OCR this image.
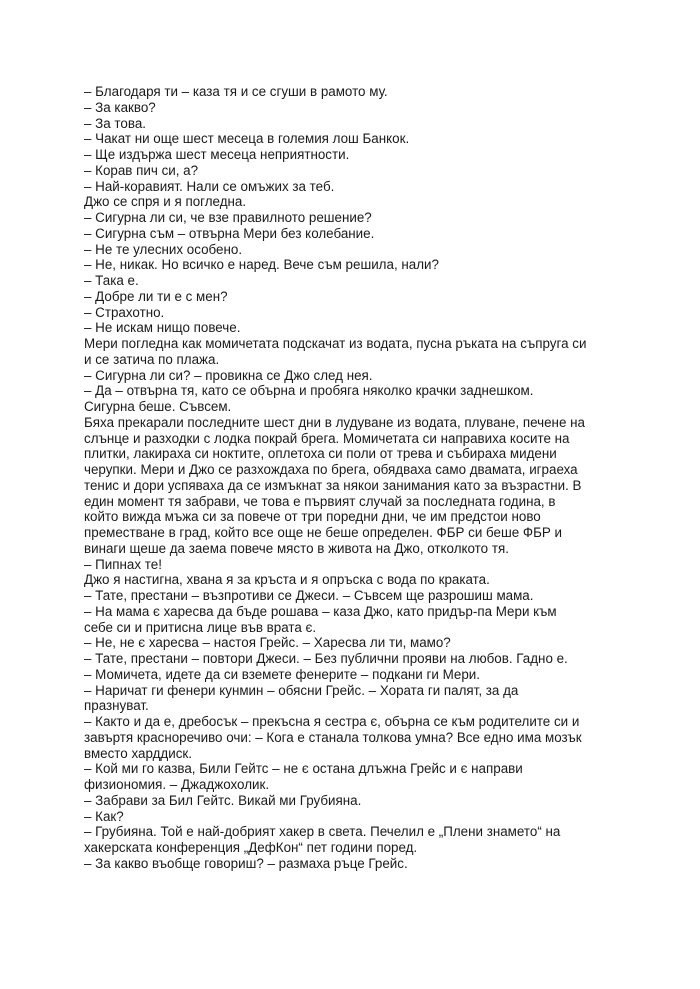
– Благодаря ти – каза тя и се сгуши в рамото му.
– За какво?
– За това.
– Чакат ни още шест месеца в големия лош Банкок.
– Ще издържа шест месеца неприятности.
– Корав пич си, а?
– Най-коравият. Нали се омъжих за теб.
Джо се спря и я погледна.
– Сигурна ли си, че взе правилното решение?
– Сигурна съм – отвърна Мери без колебание.
– Не те улесних особено.
– Не, никак. Но всичко е наред. Вече съм решила, нали?
– Така е.
– Добре ли ти е с мен?
– Страхотно.
– Не искам нищо повече.
Мери погледна как момичетата подскачат из водата, пусна ръката на съпруга си
и се затича по плажа.
– Сигурна ли си? – провикна се Джо след нея.
– Да – отвърна тя, като се обърна и пробяга няколко крачки заднешком.
Сигурна беше. Съвсем.
Бяха прекарали последните шест дни в лудуване из водата, плуване, печене на
слънце и разходки с лодка покрай брега. Момичетата си направиха косите на
плитки, лакираха си ноктите, оплетоха си поли от трева и събираха мидени
черупки. Мери и Джо се разхождаха по брега, обядваха само двамата, играеха
тенис и дори успяваха да се измъкнат за някои занимания като за възрастни. В
един момент тя забрави, че това е първият случай за последната година, в
който вижда мъжа си за повече от три поредни дни, че им предстои ново
преместване в град, който все още не беше определен. ФБР си беше ФБР и
винаги щеше да заема повече място в живота на Джо, отколкото тя.
– Пипнах те!
Джо я настигна, хвана я за кръста и я опръска с вода по краката.
– Тате, престани – възпротиви се Джеси. – Съвсем ще разрошиш мама.
– На мама є харесва да бъде рошава – каза Джо, като придър-па Мери към
себе си и притисна лице във врата є.
– Не, не є харесва – настоя Грейс. – Харесва ли ти, мамо?
– Тате, престани – повтори Джеси. – Без публични прояви на любов. Гадно е.
– Момичета, идете да си вземете фенерите – подкани ги Мери.
– Наричат ги фенери кунмин – обясни Грейс. – Хората ги палят, за да
празнуват.
– Както и да е, дребосък – прекъсна я сестра є, обърна се към родителите си и
завъртя красноречиво очи: – Кога е станала толкова умна? Все едно има мозък
вместо харддиск.
– Кой ми го казва, Били Гейтс – не є остана длъжна Грейс и є направи
физиономия. – Джаджохолик.
– Забрави за Бил Гейтс. Викай ми Грубияна.
– Как?
– Грубияна. Той е най-добрият хакер в света. Печелил е „Плени знамето“ на
хакерската конференция „ДефКон“ пет години поред.
– За какво въобще говориш? – размаха ръце Грейс.
